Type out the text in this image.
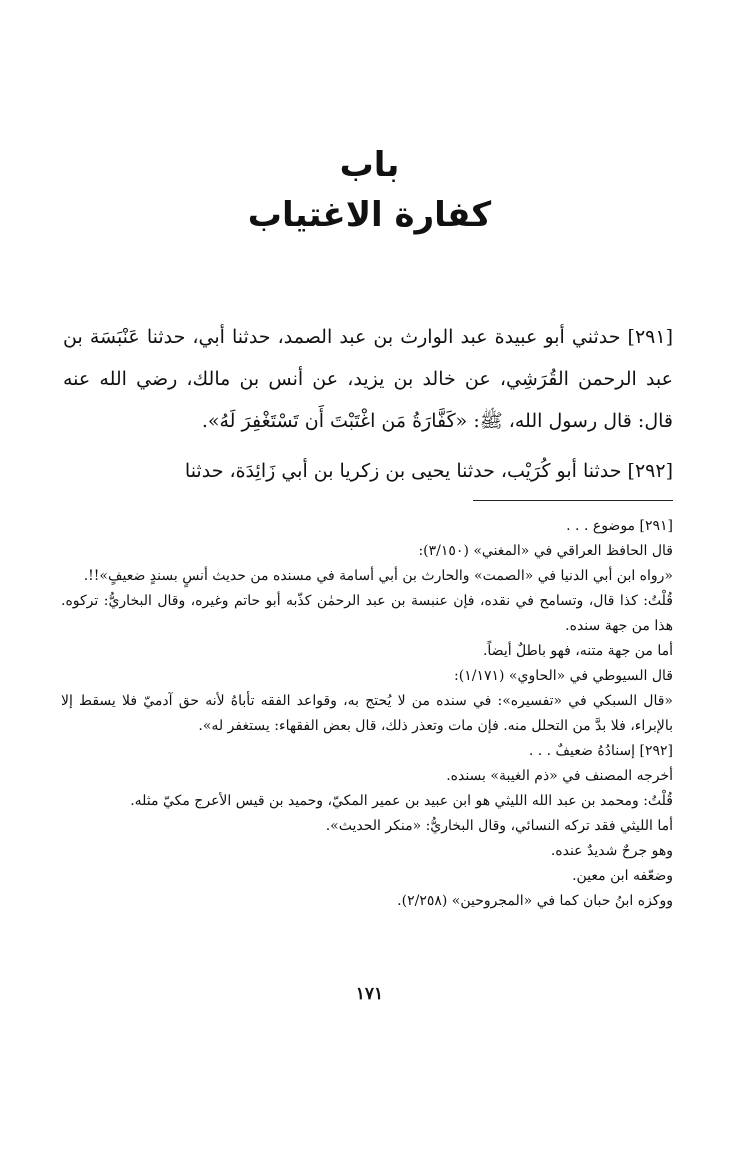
باب
كفارة الاغتياب

[٢٩١] حدثني أبو عبيدة عبد الوارث بن عبد الصمد، حدثنا أبي، حدثنا عَنْبَسَة بن عبد الرحمن القُرَشِي، عن خالد بن يزيد، عن أنس بن مالك، رضي الله عنه قال: قال رسول الله، ﷺ: «كَفَّارَةُ مَن اغْتَبْتَ أَن تَسْتَغْفِرَ لَهُ».

[٢٩٢] حدثنا أبو كُرَيْب، حدثنا يحيى بن زكريا بن أبي زَائِدَة، حدثنا

[٢٩١] موضوع . . .

قال الحافظ العراقي في «المغني» (٣/١٥٠):

«رواه ابن أبي الدنيا في «الصمت» والحارث بن أبي أسامة في مسنده من حديث أنسٍ بسندٍ ضعيفٍ»!!.

قُلْتُ: كذا قال، وتسامح في نقده، فإن عنبسة بن عبد الرحمٰن كذّبه أبو حاتم وغيره، وقال البخاريُّ: تركوه. هذا من جهة سنده.

أما من جهة متنه، فهو باطلٌ أيضاً.

قال السيوطي في «الحاوي» (١/١٧١):

«قال السبكي في «تفسيره»: في سنده من لا يُحتج به، وقواعد الفقه تأباهُ لأنه حق آدميّ فلا يسقط إلا بالإبراء، فلا بدَّ من التحلل منه. فإن مات وتعذر ذلك، قال بعض الفقهاء: يستغفر له».

[٢٩٢] إسنادُهُ ضعيفٌ . . .

أخرجه المصنف في «ذم الغيبة» بسنده.

قُلْتُ: ومحمد بن عبد الله الليثي هو ابن عبيد بن عمير المكيّ، وحميد بن قيس الأعرج مكيّ مثله.

أما الليثي فقد تركه النسائي، وقال البخاريُّ: «منكر الحديث».

وهو جرحٌ شديدٌ عنده.

وضعّفه ابن معين.

ووكزه ابنُ حبان كما في «المجروحين» (٢/٢٥٨).

١٧١
